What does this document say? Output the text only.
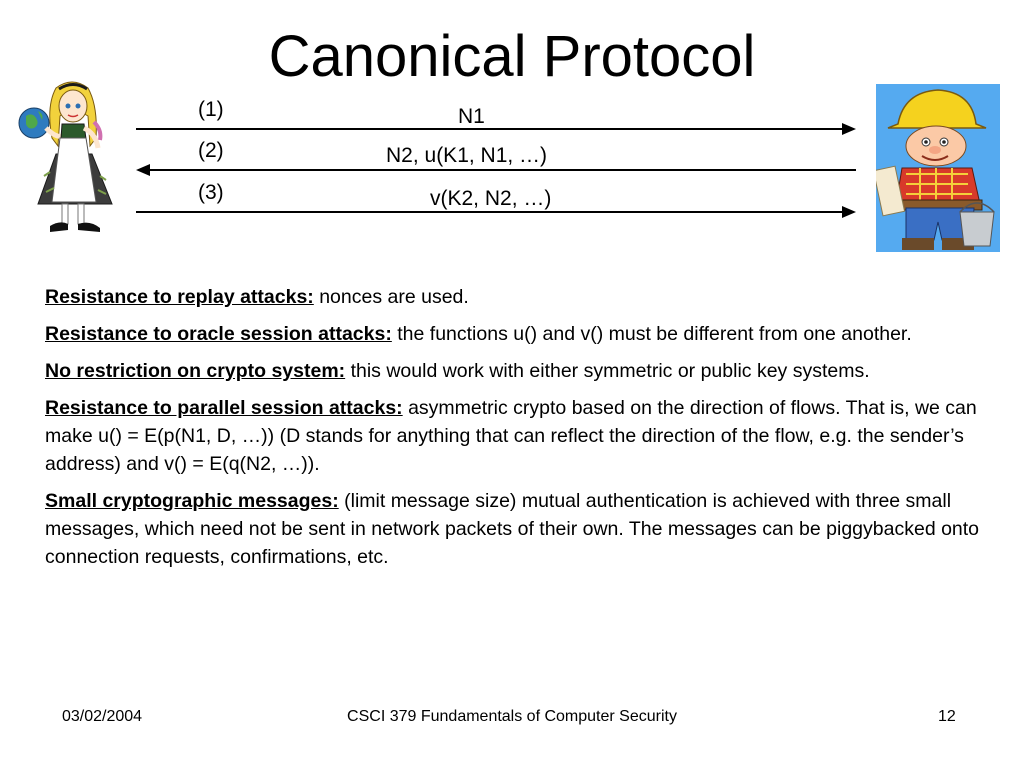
Canonical Protocol
(1)
(2)
(3)
N1
N2, u(K1, N1, …)
v(K2, N2, …)

Resistance to replay attacks: nonces are used.

Resistance to oracle session attacks: the functions u() and v() must be different from one another.

No restriction on crypto system: this would work with either symmetric or public key systems.

Resistance to parallel session attacks: asymmetric crypto based on the direction of flows. That is, we can make u() = E(p(N1, D, …)) (D stands for anything that can reflect the direction of the flow, e.g. the sender’s address) and v() = E(q(N2, …)).

Small cryptographic messages: (limit message size) mutual authentication is achieved with three small messages, which need not be sent in network packets of their own. The messages can be piggybacked onto connection requests, confirmations, etc.

03/02/2004	CSCI 379 Fundamentals of Computer Security	12
